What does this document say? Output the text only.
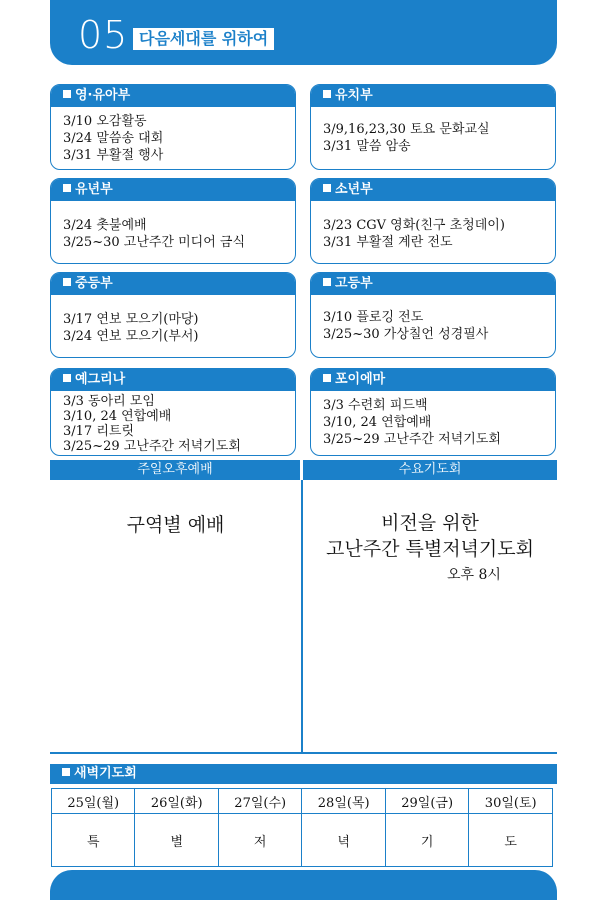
05 다음세대를 위하여
영·유아부
3/10 오감활동
3/24 말씀송 대회
3/31 부활절 행사
유치부
3/9,16,23,30 토요 문화교실
3/31 말씀 암송
유년부
3/24 촛불예배
3/25~30 고난주간 미디어 금식
소년부
3/23 CGV 영화(친구 초청데이)
3/31 부활절 계란 전도
중등부
3/17 연보 모으기(마당)
3/24 연보 모으기(부서)
고등부
3/10 플로깅 전도
3/25~30 가상칠언 성경필사
예그리나
3/3 동아리 모임
3/10, 24 연합예배
3/17 리트릿
3/25~29 고난주간 저녁기도회
포이에마
3/3 수련회 피드백
3/10, 24 연합예배
3/25~29 고난주간 저녁기도회
주일오후예배	수요기도회
구역별 예배	비전을 위한
고난주간 특별저녁기도회
오후 8시
새벽기도회
25일(월)	26일(화)	27일(수)	28일(목)	29일(금)	30일(토)
특	별	저	녁	기	도
